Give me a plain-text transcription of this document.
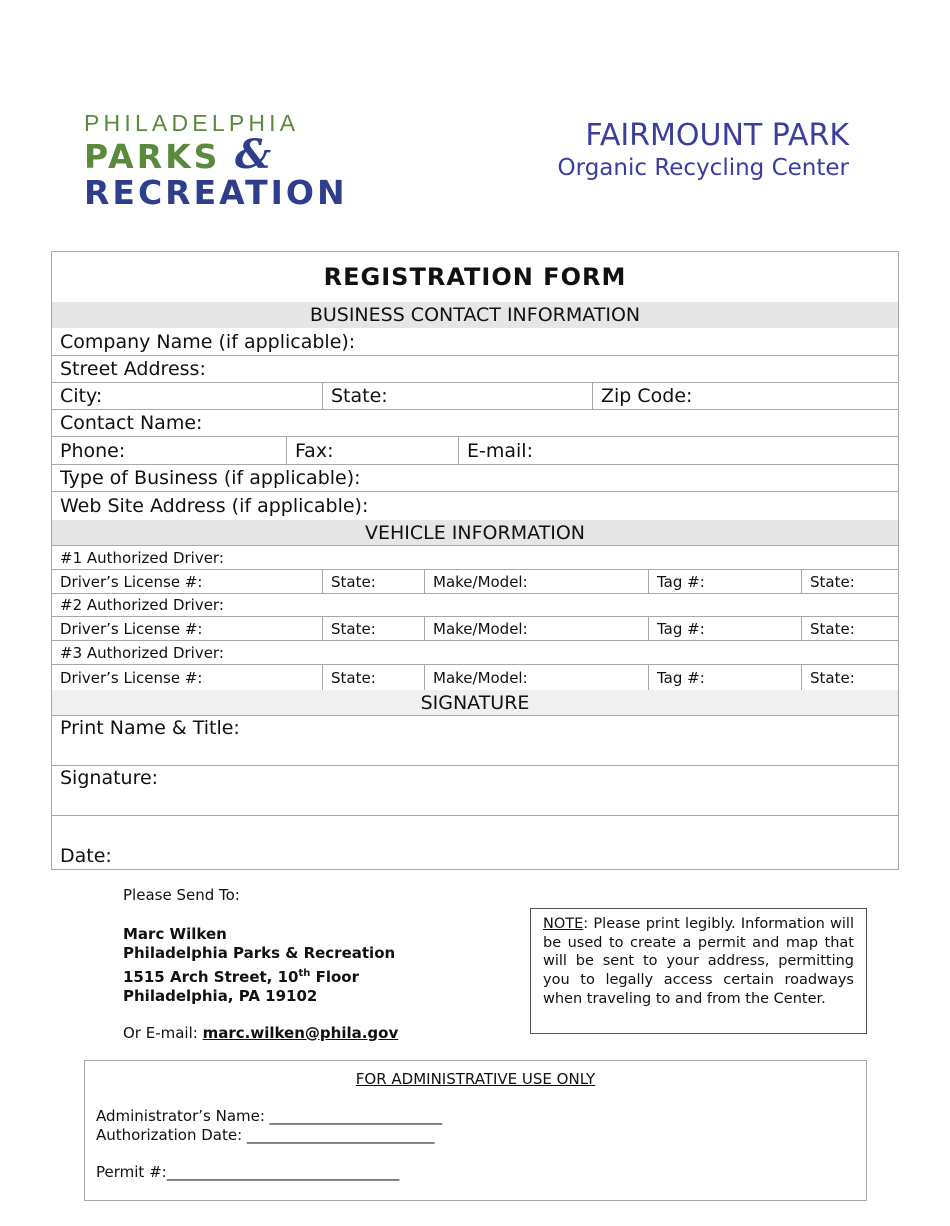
PHILADELPHIA
PARKS &
RECREATION
FAIRMOUNT PARK
Organic Recycling Center
REGISTRATION FORM
BUSINESS CONTACT INFORMATION
Company Name (if applicable):
Street Address:
City:	State:	Zip Code:
Contact Name:
Phone:	Fax:	E-mail:
Type of Business (if applicable):
Web Site Address (if applicable):
VEHICLE INFORMATION
#1 Authorized Driver:
Driver’s License #:	State:	Make/Model:	Tag #:	State:
#2 Authorized Driver:
Driver’s License #:	State:	Make/Model:	Tag #:	State:
#3 Authorized Driver:
Driver’s License #:	State:	Make/Model:	Tag #:	State:
SIGNATURE
Print Name & Title:
Signature:
Date:
Please Send To:
Marc Wilken
Philadelphia Parks & Recreation
1515 Arch Street, 10th Floor
Philadelphia, PA 19102
Or E-mail: marc.wilken@phila.gov
NOTE: Please print legibly. Information will be used to create a permit and map that will be sent to your address, permitting you to legally access certain roadways when traveling to and from the Center.
FOR ADMINISTRATIVE USE ONLY
Administrator’s Name: _______________________
Authorization Date: _________________________
Permit #:_______________________________
